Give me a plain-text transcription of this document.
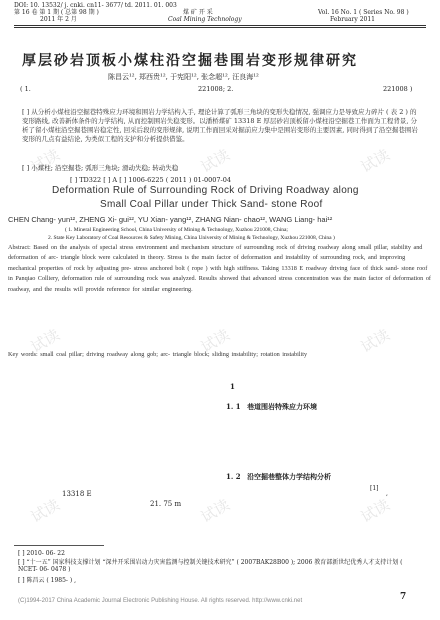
试读	试读	试读
试读	试读	试读
试读	试读	试读
DOI: 10. 13532/ j. cnki. cn11- 3677/ td. 2011. 01. 003
第 16 卷 第 1 期 ( 总第 98 期 )
2011 年 2 月
煤 矿 开 采
Coal Mining Technology
Vol. 16 No. 1 ( Series No. 98 )
February 2011
厚层砂岩顶板小煤柱沿空掘巷围岩变形规律研究
陈昌云¹², 郑西贵¹², 于宪阳¹², 张念超¹², 汪良海¹²
( 1.	221008; 2.	221008 )
[ ] 从分析小煤柱沿空掘巷特殊应力环境和围岩力学结构入手, 理论计算了弧形三角块的变形失稳情况, 强调应力是导致应力碎片 ( 表 2 ) 的变形路线, 改善新体条件的力学结构, 从而控制围岩失稳变形。以潘桥煤矿 13318 E 厚层砂岩顶板留小煤柱沿空掘巷工作面为工程背景, 分析了留小煤柱沿空掘巷围岩稳定性, 回采后段的变形规律, 说明工作面回采对掘前应力集中是围岩变形的主要因素, 同时得到了沿空掘巷围岩变形的几点有益结论, 为类似工程的支护和分析提供借鉴。
[ ] 小煤柱; 沿空掘巷; 弧形三角块; 滑动失稳; 转动失稳
[ ] TD322 [ ] A [ ] 1006-6225 ( 2011 ) 01-0007-04
Deformation Rule of Surrounding Rock of Driving Roadway along
Small Coal Pillar under Thick Sand- stone Roof
CHEN Chang- yun¹², ZHENG Xi- gui¹², YU Xian- yang¹², ZHANG Nian- chao¹², WANG Liang- hai¹²
( 1. Mineral Engineering School, China University of Mining & Technology, Xuzhou 221008, China;
2. State Key Laboratory of Coal Resources & Safety Mining, China University of Mining & Technology, Xuzhou 221008, China )
Abstract: Based on the analysis of special stress environment and mechanism structure of surrounding rock of driving roadway along small pillar, stability and deformation of arc- triangle block were calculated in theory. Stress is the main factor of deformation and instability of surrounding rock, and improving mechanical properties of rock by adjusting pre- stress anchored bolt ( rope ) with high stiffness. Taking 13318 E roadway driving face of thick sand- stone roof in Panqiao Colliery, deformation rule of surrounding rock was analyzed. Results showed that advanced stress concentration was the main factor of deformation of roadway, and the results will provide reference for similar engineering.
Key words: small coal pillar; driving roadway along gob; arc- triangle block; sliding instability; rotation instability
1
1. 1 巷道围岩特殊应力环境
1. 2 沿空掘巷整体力学结构分析
13318 E
21. 75 m
[1]
,
[ ] 2010- 06- 22
[ ] “十一五” 国家科技支撑计划 “深井开采围岩动力灾害监测与控制关键技术研究” ( 2007BAK28B00 ); 2006 教育部新世纪优秀人才支持计划 ( NCET- 06- 0478 )
[ ] 陈昌云 ( 1985- ) ,
(C)1994-2017 China Academic Journal Electronic Publishing House. All rights reserved. http://www.cnki.net	7
